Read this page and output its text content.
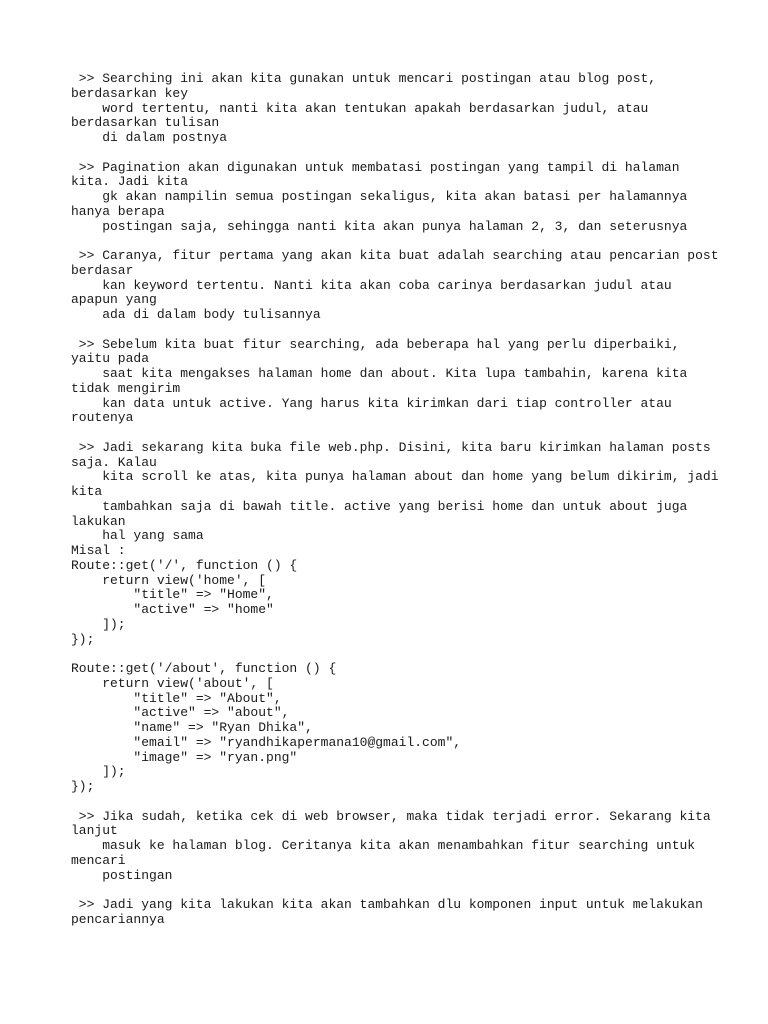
>> Searching ini akan kita gunakan untuk mencari postingan atau blog post,
berdasarkan key
word tertentu, nanti kita akan tentukan apakah berdasarkan judul, atau
berdasarkan tulisan
di dalam postnya
>> Pagination akan digunakan untuk membatasi postingan yang tampil di halaman
kita. Jadi kita
gk akan nampilin semua postingan sekaligus, kita akan batasi per halamannya
hanya berapa
postingan saja, sehingga nanti kita akan punya halaman 2, 3, dan seterusnya
>> Caranya, fitur pertama yang akan kita buat adalah searching atau pencarian post
berdasar
kan keyword tertentu. Nanti kita akan coba carinya berdasarkan judul atau
apapun yang
ada di dalam body tulisannya
>> Sebelum kita buat fitur searching, ada beberapa hal yang perlu diperbaiki,
yaitu pada
saat kita mengakses halaman home dan about. Kita lupa tambahin, karena kita
tidak mengirim
kan data untuk active. Yang harus kita kirimkan dari tiap controller atau
routenya
>> Jadi sekarang kita buka file web.php. Disini, kita baru kirimkan halaman posts
saja. Kalau
kita scroll ke atas, kita punya halaman about dan home yang belum dikirim, jadi
kita
tambahkan saja di bawah title. active yang berisi home dan untuk about juga
lakukan
hal yang sama
Misal :
Route::get('/', function () {
return view('home', [
"title" => "Home",
"active" => "home"
]);
});
Route::get('/about', function () {
return view('about', [
"title" => "About",
"active" => "about",
"name" => "Ryan Dhika",
"email" => "ryandhikapermana10@gmail.com",
"image" => "ryan.png"
]);
});
>> Jika sudah, ketika cek di web browser, maka tidak terjadi error. Sekarang kita
lanjut
masuk ke halaman blog. Ceritanya kita akan menambahkan fitur searching untuk
mencari
postingan
>> Jadi yang kita lakukan kita akan tambahkan dlu komponen input untuk melakukan
pencariannya
